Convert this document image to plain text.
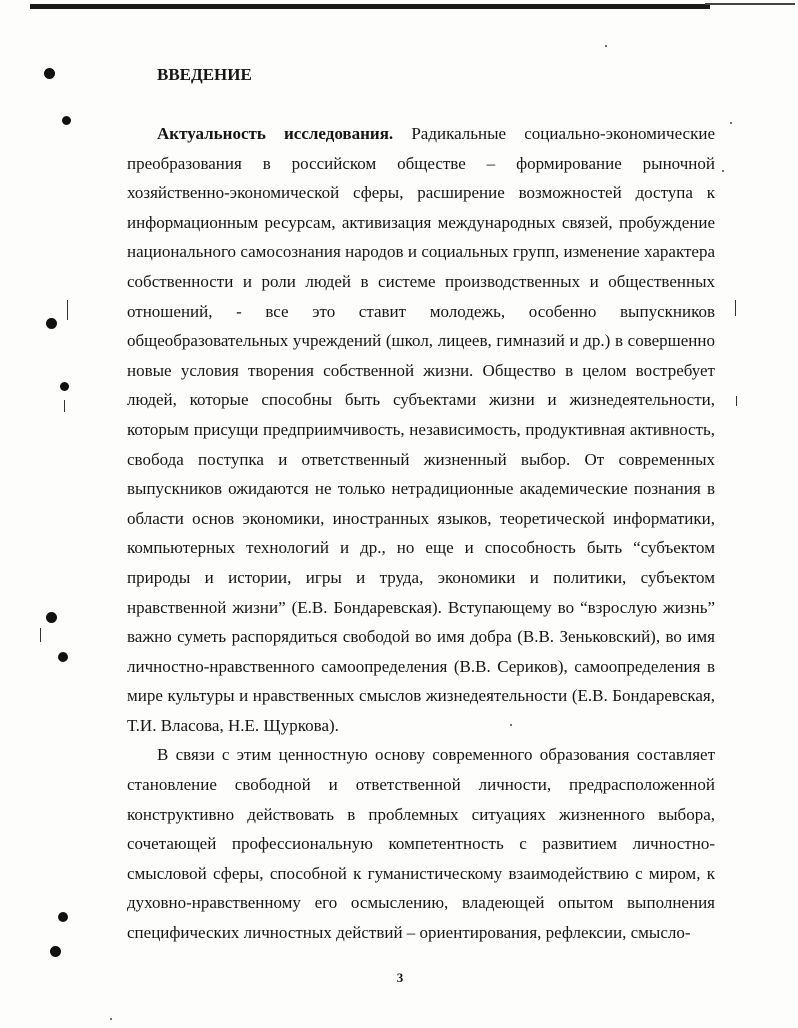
ВВЕДЕНИЕ

Актуальность исследования. Радикальные социально-экономические преобразования в российском обществе – формирование рыночной хозяйственно-экономической сферы, расширение возможностей доступа к информационным ресурсам, активизация международных связей, пробуждение национального самосознания народов и социальных групп, изменение характера собственности и роли людей в системе производственных и общественных отношений, - все это ставит молодежь, особенно выпускников общеобразовательных учреждений (школ, лицеев, гимназий и др.) в совершенно новые условия творения собственной жизни. Общество в целом востребует людей, которые способны быть субъектами жизни и жизнедеятельности, которым присущи предприимчивость, независимость, продуктивная активность, свобода поступка и ответственный жизненный выбор. От современных выпускников ожидаются не только нетрадиционные академические познания в области основ экономики, иностранных языков, теоретической информатики, компьютерных технологий и др., но еще и способность быть “субъектом природы и истории, игры и труда, экономики и политики, субъектом нравственной жизни” (Е.В. Бондаревская). Вступающему во “взрослую жизнь” важно суметь распорядиться свободой во имя добра (В.В. Зеньковский), во имя личностно-нравственного самоопределения (В.В. Сериков), самоопределения в мире культуры и нравственных смыслов жизнедеятельности (Е.В. Бондаревская, Т.И. Власова, Н.Е. Щуркова).

В связи с этим ценностную основу современного образования составляет становление свободной и ответственной личности, предрасположенной конструктивно действовать в проблемных ситуациях жизненного выбора, сочетающей профессиональную компетентность с развитием личностно-смысловой сферы, способной к гуманистическому взаимодействию с миром, к духовно-нравственному его осмыслению, владеющей опытом выполнения специфических личностных действий – ориентирования, рефлексии, смысло-

3
